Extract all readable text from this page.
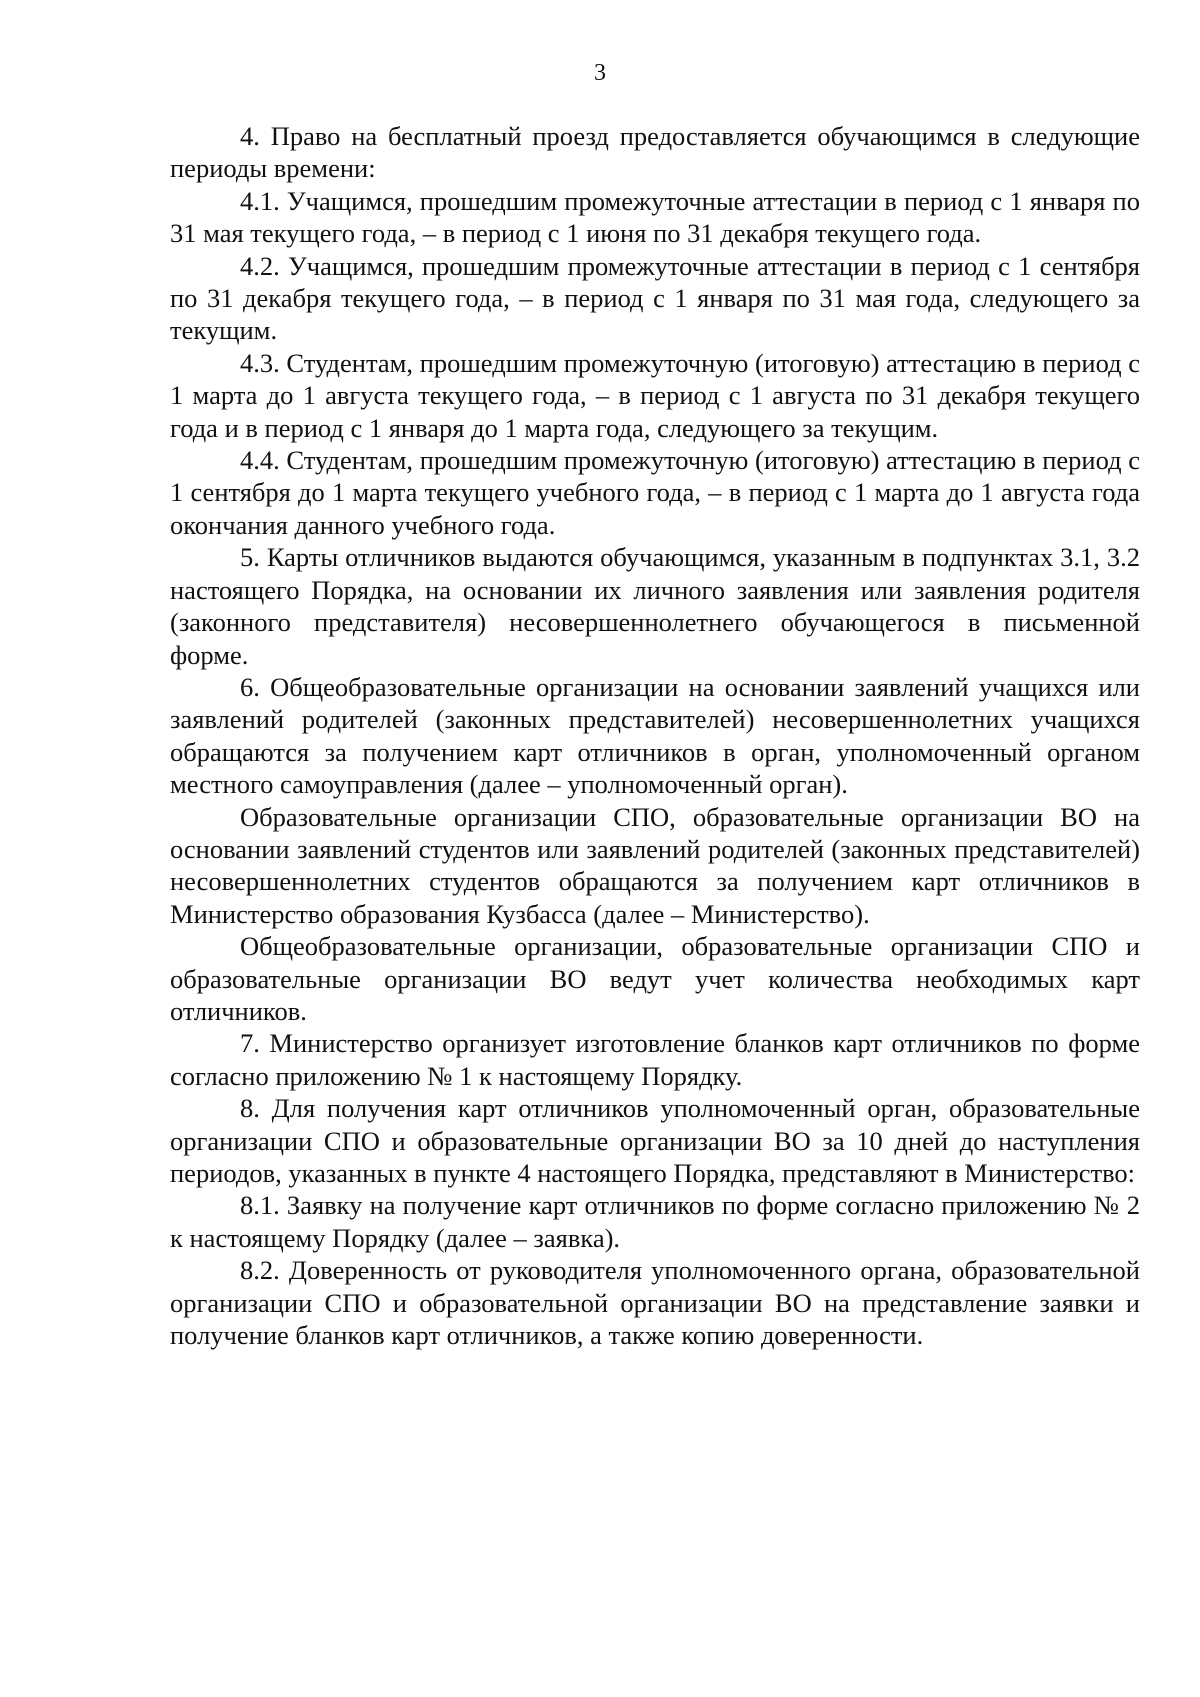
3

4. Право на бесплатный проезд предоставляется обучающимся в следующие периоды времени:

4.1. Учащимся, прошедшим промежуточные аттестации в период с 1 января по 31 мая текущего года, – в период с 1 июня по 31 декабря текущего года.

4.2. Учащимся, прошедшим промежуточные аттестации в период с 1 сентября по 31 декабря текущего года, – в период с 1 января по 31 мая года, следующего за текущим.

4.3. Студентам, прошедшим промежуточную (итоговую) аттестацию в период с 1 марта до 1 августа текущего года, – в период с 1 августа по 31 декабря текущего года и в период с 1 января до 1 марта года, следующего за текущим.

4.4. Студентам, прошедшим промежуточную (итоговую) аттестацию в период с 1 сентября до 1 марта текущего учебного года, – в период с 1 марта до 1 августа года окончания данного учебного года.

5. Карты отличников выдаются обучающимся, указанным в подпунктах 3.1, 3.2 настоящего Порядка, на основании их личного заявления или заявления родителя (законного представителя) несовершеннолетнего обучающегося в письменной форме.

6. Общеобразовательные организации на основании заявлений учащихся или заявлений родителей (законных представителей) несовершеннолетних учащихся обращаются за получением карт отличников в орган, уполномоченный органом местного самоуправления (далее – уполномоченный орган).

Образовательные организации СПО, образовательные организации ВО на основании заявлений студентов или заявлений родителей (законных представителей) несовершеннолетних студентов обращаются за получением карт отличников в Министерство образования Кузбасса (далее – Министерство).

Общеобразовательные организации, образовательные организации СПО и образовательные организации ВО ведут учет количества необходимых карт отличников.

7. Министерство организует изготовление бланков карт отличников по форме согласно приложению № 1 к настоящему Порядку.

8. Для получения карт отличников уполномоченный орган, образовательные организации СПО и образовательные организации ВО за 10 дней до наступления периодов, указанных в пункте 4 настоящего Порядка, представляют в Министерство:

8.1. Заявку на получение карт отличников по форме согласно приложению № 2 к настоящему Порядку (далее – заявка).

8.2. Доверенность от руководителя уполномоченного органа, образовательной организации СПО и образовательной организации ВО на представление заявки и получение бланков карт отличников, а также копию доверенности.
